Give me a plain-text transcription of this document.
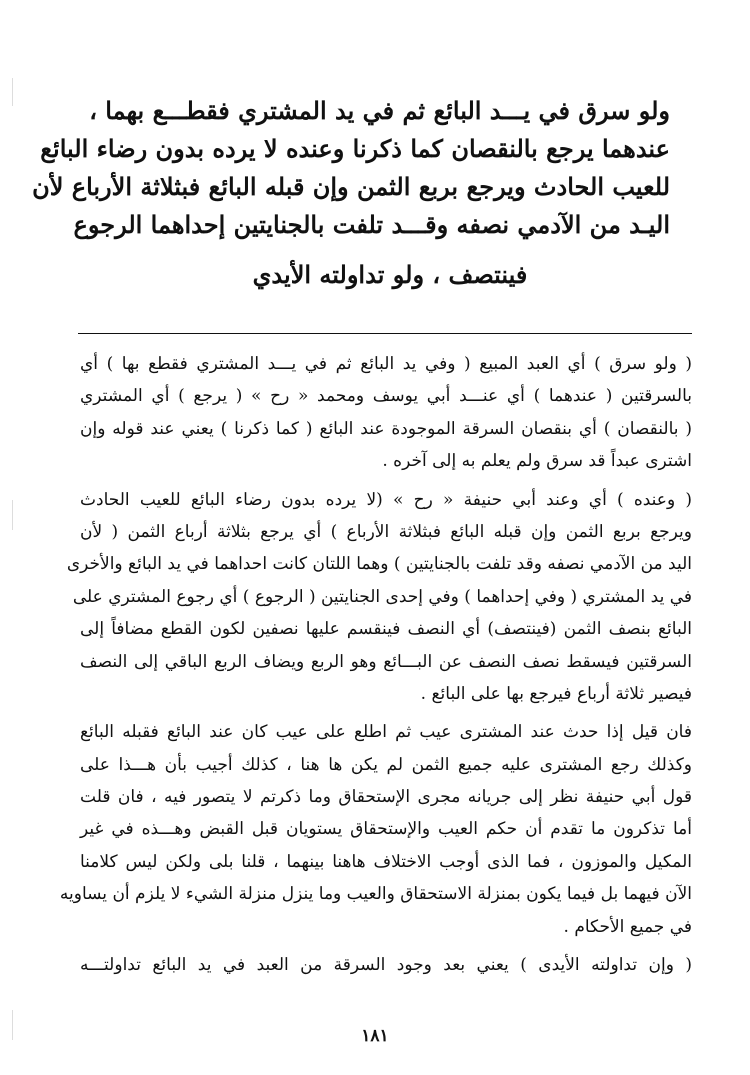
ولو سرق في يـــد البائع ثم في يد المشتري فقطـــع بهما ،
عندهما يرجع بالنقصان كما ذكرنا وعنده لا يرده بدون رضاء البائع
للعيب الحادث ويرجع بربع الثمن وإن قبله البائع فبثلاثة الأرباع لأن
اليـد من الآدمي نصفه وقـــد تلفت بالجنايتين إحداهما الرجوع
فينتصف ، ولو تداولته الأيدي
( ولو سرق ) أي العبد المبيع ( وفي يد البائع ثم في يـــد المشتري فقطع بها ) أي
بالسرقتين ( عندهما ) أي عنـــد أبي يوسف ومحمد « رح » ( يرجع ) أي المشتري
( بالنقصان ) أي بنقصان السرقة الموجودة عند البائع ( كما ذكرنا ) يعني عند قوله وإن
اشترى عبداً قد سرق ولم يعلم به إلى آخره .
( وعنده ) أي وعند أبي حنيفة « رح » (لا يرده بدون رضاء البائع للعيب الحادث
ويرجع بربع الثمن وإن قبله البائع فبثلاثة الأرباع ) أي يرجع بثلاثة أرباع الثمن ( لأن
اليد من الآدمي نصفه وقد تلفت بالجنايتين ) وهما اللتان كانت احداهما في يد البائع والأخرى
في يد المشتري ( وفي إحداهما ) وفي إحدى الجنايتين ( الرجوع ) أي رجوع المشتري على
البائع بنصف الثمن (فينتصف) أي النصف فينقسم عليها نصفين لكون القطع مضافاً إلى
السرقتين فيسقط نصف النصف عن البـــائع وهو الربع ويضاف الربع الباقي إلى النصف
فيصير ثلاثة أرباع فيرجع بها على البائع .
فان قيل إذا حدث عند المشترى عيب ثم اطلع على عيب كان عند البائع فقبله البائع
وكذلك رجع المشترى عليه جميع الثمن لم يكن ها هنا ، كذلك أجيب بأن هـــذا على
قول أبي حنيفة نظر إلى جريانه مجرى الإستحقاق وما ذكرتم لا يتصور فيه ، فان قلت
أما تذكرون ما تقدم أن حكم العيب والإستحقاق يستويان قبل القبض وهـــذه في غير
المكيل والموزون ، فما الذى أوجب الاختلاف هاهنا بينهما ، قلنا بلى ولكن ليس كلامنا
الآن فيهما بل فيما يكون بمنزلة الاستحقاق والعيب وما ينزل منزلة الشيء لا يلزم أن يساويه
في جميع الأحكام .
( وإن تداولته الأيدى ) يعني بعد وجود السرقة من العبد في يد البائع تداولتـــه
١٨١
